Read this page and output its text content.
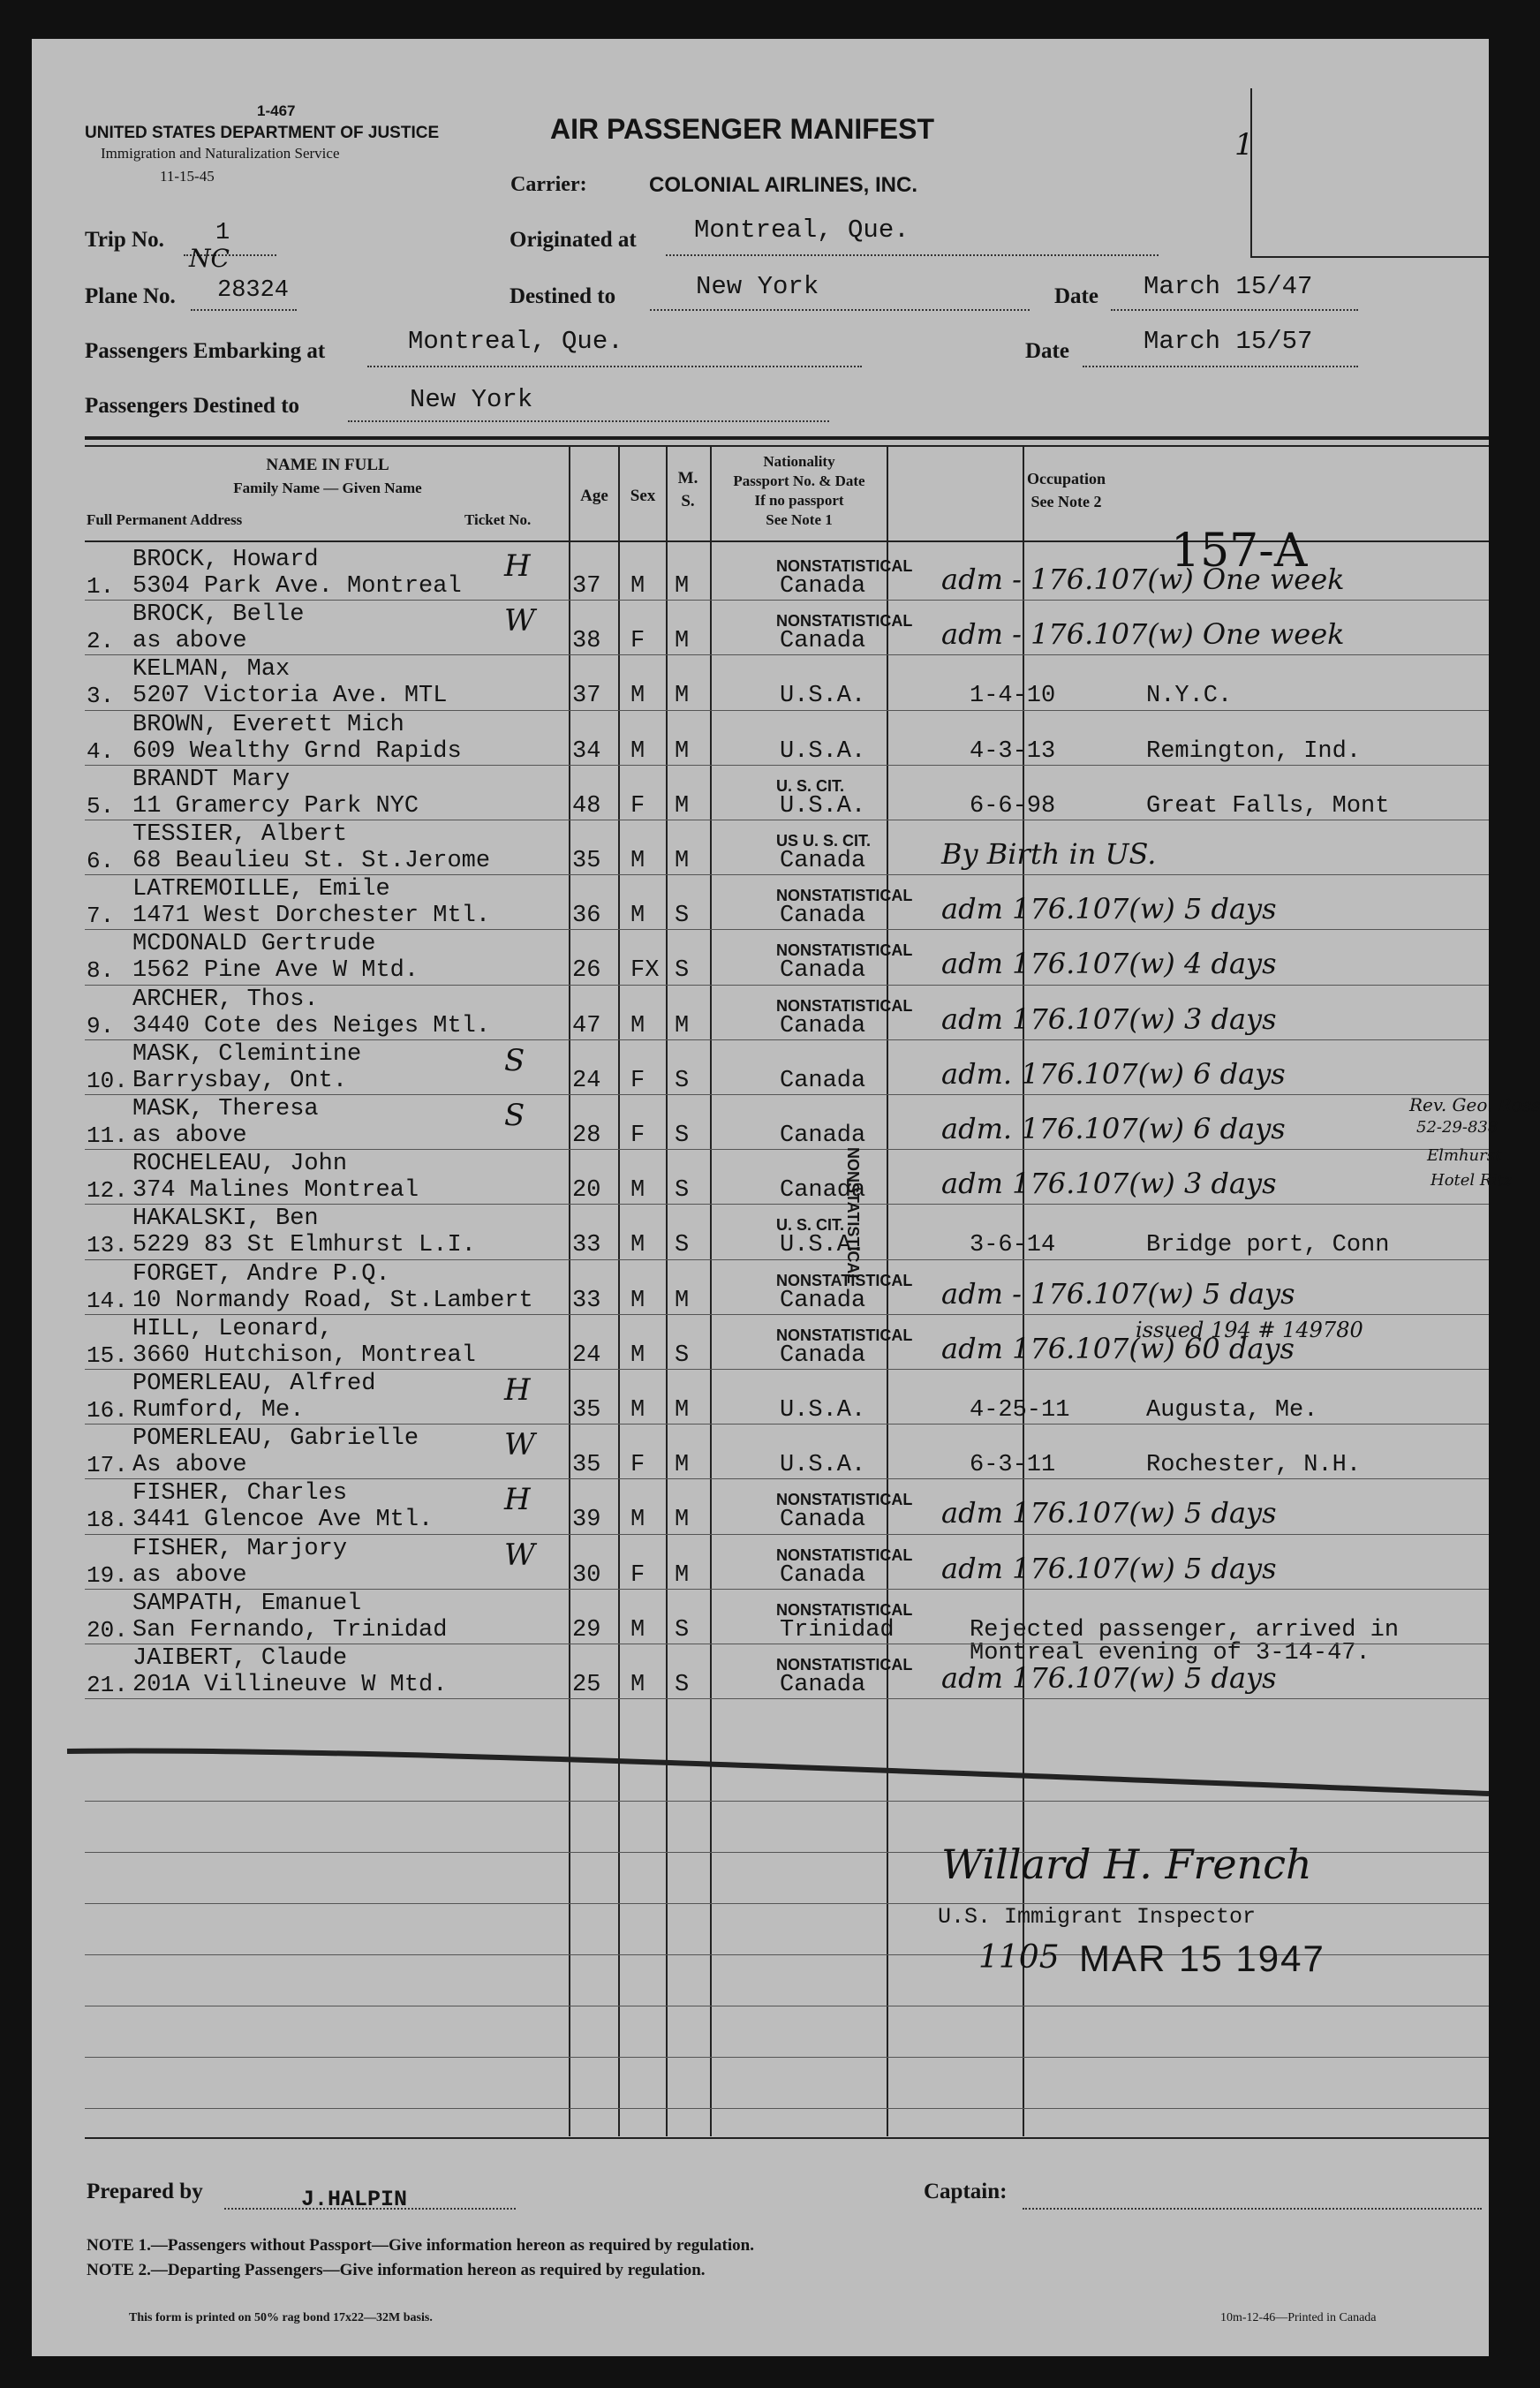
1-467
UNITED STATES DEPARTMENT OF JUSTICE
Immigration and Naturalization Service
11-15-45
AIR PASSENGER MANIFEST
Carrier:	COLONIAL AIRLINES, INC.
1
Trip No. 1	Originated at Montreal, Que.
Plane No.
NC
28324	Destined to	New York	Date March 15/47
Passengers Embarking at	Montreal, Que.	Date	March 15/57
Passengers Destined to	New York
NAME IN FULL
Family Name — Given Name
Full Permanent Address	Ticket No.
Age	Sex
M. S.
Nationality
Passport No. & Date
If no passport
See Note 1
Occupation
See Note 2
157-A
1.
BROCK, Howard
5304 Park Ave. Montreal
H
37 M M
NONSTATISTICAL
Canada	adm - 176.107(w) One week
2.
BROCK, Belle
as above
W
38 F M
NONSTATISTICAL
Canada	adm - 176.107(w) One week
3.
KELMAN, Max
5207 Victoria Ave. MTL	37 M M	U.S.A.	1-4-10	N.Y.C.
4.
BROWN, Everett Mich
609 Wealthy Grnd Rapids	34 M M	U.S.A.	4-3-13	Remington, Ind.
5.
BRANDT Mary
11 Gramercy Park NYC	48 F M
U. S. CIT.
U.S.A.	6-6-98	Great Falls, Mont
6.
TESSIER, Albert
68 Beaulieu St. St.Jerome	35 M M
US U. S. CIT.
Canada	By Birth in US.
7.
LATREMOILLE, Emile
1471 West Dorchester Mtl.	36 M S
NONSTATISTICAL
Canada	adm 176.107(w) 5 days
8.
MCDONALD Gertrude
1562 Pine Ave W Mtd.	26 FX S
NONSTATISTICAL
Canada	adm 176.107(w) 4 days
9.
ARCHER, Thos.
3440 Cote des Neiges Mtl.	47 M M
NONSTATISTICAL
Canada	adm 176.107(w) 3 days
10.
MASK, Clemintine
Barrysbay, Ont.
S
24 F S	Canada	adm. 176.107(w) 6 days
11.
MASK, Theresa
as above
S
28 F S	Canada	adm. 176.107(w) 6 days
12.
ROCHELEAU, John
374 Malines Montreal	20 M S	Canada	adm 176.107(w) 3 days
13.
HAKALSKI, Ben
5229 83 St Elmhurst L.I.	33 M S
U. S. CIT.
U.S.A.	3-6-14	Bridge port, Conn
14.
FORGET, Andre P.Q.
10 Normandy Road, St.Lambert 33 M M
NONSTATISTICAL
Canada	adm - 176.107(w) 5 days
15.
HILL, Leonard,
3660 Hutchison, Montreal	24 M S
NONSTATISTICAL
Canada	adm 176.107(w) 60 days
issued 194 # 149780
16.
POMERLEAU, Alfred
Rumford, Me.
H
35 M M	U.S.A.	4-25-11	Augusta, Me.
17.
POMERLEAU, Gabrielle
As above
W
35 F M	U.S.A.	6-3-11	Rochester, N.H.
18.
FISHER, Charles
3441 Glencoe Ave Mtl.
H
39 M M
NONSTATISTICAL
Canada	adm 176.107(w) 5 days
19.
FISHER, Marjory
as above
W
30 F M
NONSTATISTICAL
Canada	adm 176.107(w) 5 days
20.
SAMPATH, Emanuel
San Fernando, Trinidad	29 M S
NONSTATISTICAL
Trinidad	Rejected passenger, arrived in
Montreal evening of 3-14-47.
21.
JAIBERT, Claude
201A Villineuve W Mtd.	25 M S
NONSTATISTICAL
Canada	adm 176.107(w) 5 days
NONSTATISTICAL
Rev. Geo. Ross
52-29-838
Elmhurst
Hotel Ritz
Willard H. French
U.S. Immigrant Inspector
1105 MAR 15 1947
Prepared by	J.HALPIN	Captain:
NOTE 1.—Passengers without Passport—Give information hereon as required by regulation.
NOTE 2.—Departing Passengers—Give information hereon as required by regulation.
This form is printed on 50% rag bond 17x22—32M basis.	10m-12-46—Printed in Canada
